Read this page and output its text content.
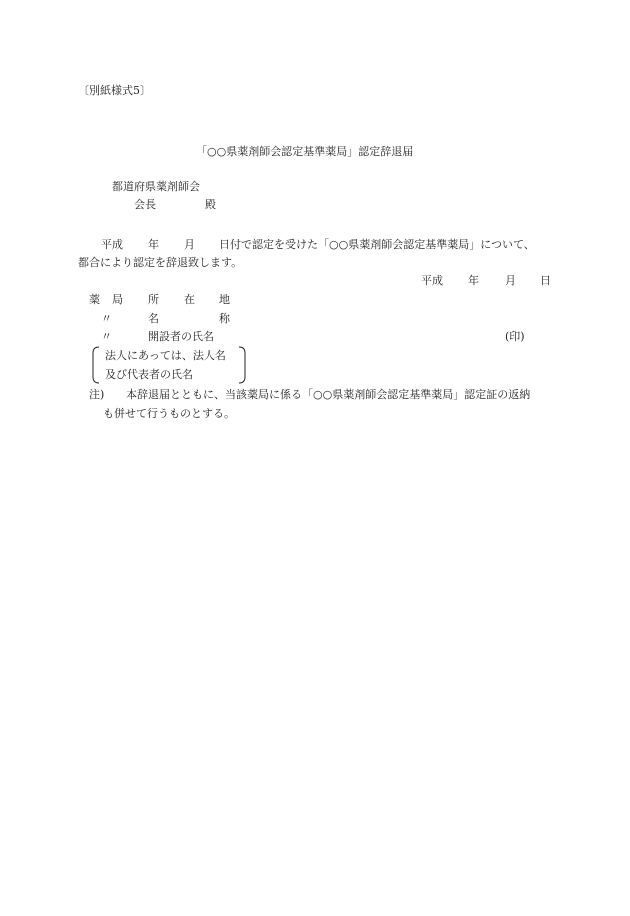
〔別紙様式5〕
「○○県薬剤師会認定基準薬局」認定辞退届
都道府県薬剤師会
会長	殿
平成 年 月 日付で認定を受けた「○○県薬剤師会認定基準薬局」について、
都合により認定を辞退致します。
平成 年 月 日
薬 局 所 在 地
〃	名	称
〃	開設者の氏名	(印)
法人にあっては、法人名
及び代表者の氏名
注) 本辞退届とともに、当該薬局に係る「○○県薬剤師会認定基準薬局」認定証の返納
も併せて行うものとする。
